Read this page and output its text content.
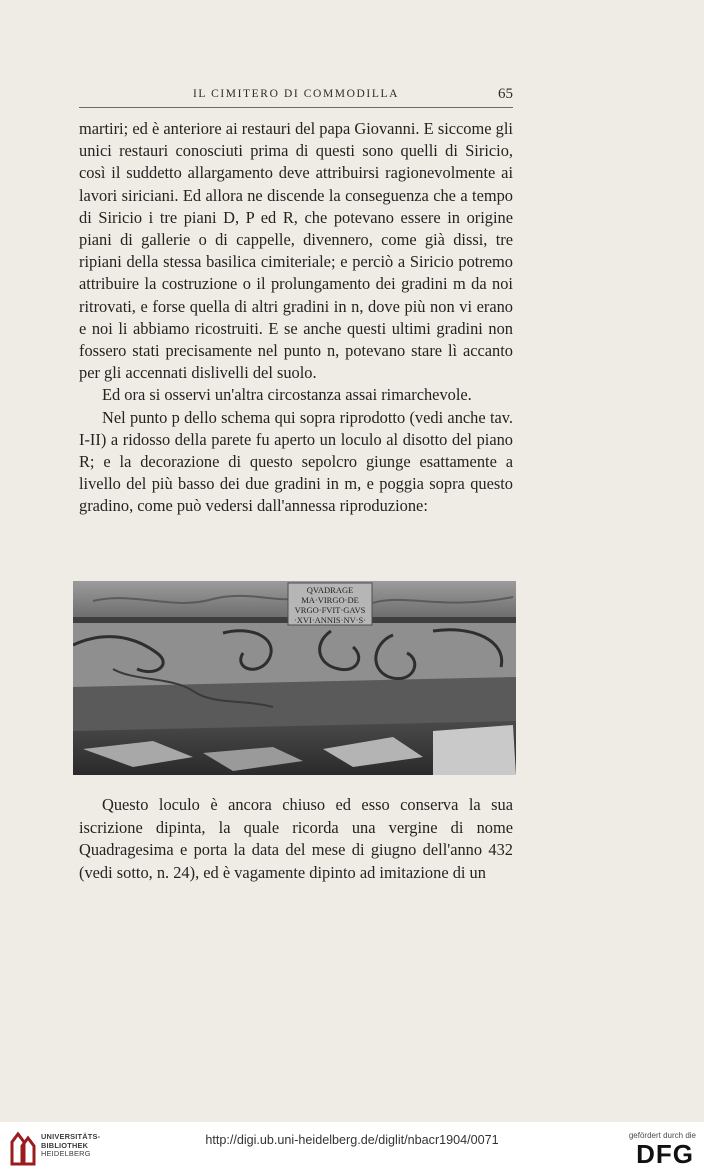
IL CIMITERO DI COMMODILLA	65

martiri; ed è anteriore ai restauri del papa Giovanni. E siccome gli unici restauri conosciuti prima di questi sono quelli di Siricio, così il suddetto allargamento deve attribuirsi ragionevolmente ai lavori siriciani. Ed allora ne discende la conseguenza che a tempo di Siricio i tre piani D, P ed R, che potevano essere in origine piani di gallerie o di cappelle, divennero, come già dissi, tre ripiani della stessa basilica cimiteriale; e perciò a Siricio potremo attribuire la costruzione o il prolungamento dei gradini m da noi ritrovati, e forse quella di altri gradini in n, dove più non vi erano e noi li abbiamo ricostruiti. E se anche questi ultimi gradini non fossero stati precisamente nel punto n, potevano stare lì accanto per gli accennati dislivelli del suolo.

Ed ora si osservi un'altra circostanza assai rimarchevole.

Nel punto p dello schema qui sopra riprodotto (vedi anche tav. I-II) a ridosso della parete fu aperto un loculo al disotto del piano R; e la decorazione di questo sepolcro giunge esattamente a livello del più basso dei due gradini in m, e poggia sopra questo gradino, come può vedersi dall'annessa riproduzione:

QVADRAGE
MA·VIRGO·DE
VRGO·FVIT·GAVS
·XVI·ANNIS·NV·S·

Questo loculo è ancora chiuso ed esso conserva la sua iscrizione dipinta, la quale ricorda una vergine di nome Quadragesima e porta la data del mese di giugno dell'anno 432 (vedi sotto, n. 24), ed è vagamente dipinto ad imitazione di un

UNIVERSITÄTS-
BIBLIOTHEK
HEIDELBERG
http://digi.ub.uni-heidelberg.de/diglit/nbacr1904/0071	gefördert durch die
DFG
